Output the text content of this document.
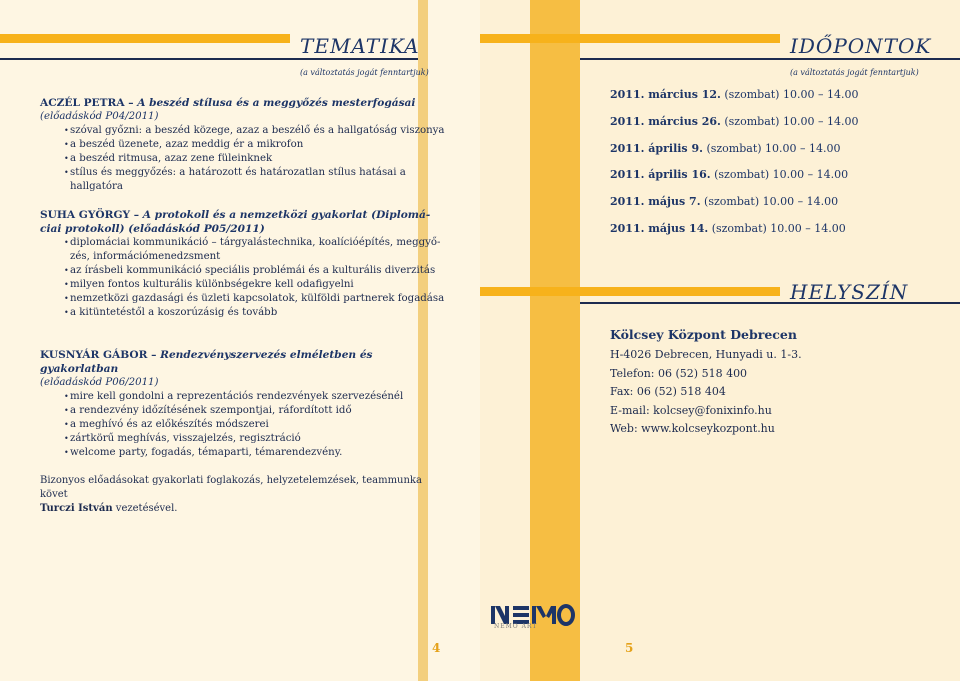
TEMATIKA
(a változtatás jogát fenntartjuk)
ACZÉL PETRA – A beszéd stílusa és a meggyőzés mesterfogásai
(előadáskód P04/2011)
• szóval győzni: a beszéd közege, azaz a beszélő és a hallgatóság viszonya
• a beszéd üzenete, azaz meddig ér a mikrofon
• a beszéd ritmusa, azaz zene füleinknek
• stílus és meggyőzés: a határozott és határozatlan stílus hatásai a hallgatóra
SUHA GYÖRGY – A protokoll és a nemzetközi gyakorlat (Diplomá- ciai protokoll) (előadáskód P05/2011)
• diplomáciai kommunikáció – tárgyalástechnika, koalícióépítés, meggyő- zés, információmenedzsment
• az írásbeli kommunikáció speciális problémái és a kulturális diverzitás
• milyen fontos kulturális különbségekre kell odafigyelni
• nemzetközi gazdasági és üzleti kapcsolatok, külföldi partnerek fogadása
• a kitüntetéstől a koszorúzásig és tovább
KUSNYÁR GÁBOR – Rendezvényszervezés elméletben és gyakorlatban
(előadáskód P06/2011)
• mire kell gondolni a reprezentációs rendezvények szervezésénél
• a rendezvény időzítésének szempontjai, ráfordított idő
• a meghívó és az előkészítés módszerei
• zártkörű meghívás, visszajelzés, regisztráció
• welcome party, fogadás, témaparti, témarendezvény.
Bizonyos előadásokat gyakorlati foglakozás, helyzetelemzések, teammunka követ
Turczi István vezetésével.
IDŐPONTOK
(a változtatás jogát fenntartjuk)
2011. március 12. (szombat) 10.00 – 14.00
2011. március 26. (szombat) 10.00 – 14.00
2011. április 9. (szombat) 10.00 – 14.00
2011. április 16. (szombat) 10.00 – 14.00
2011. május 7. (szombat) 10.00 – 14.00
2011. május 14. (szombat) 10.00 – 14.00
HELYSZÍN
Kölcsey Központ Debrecen
H-4026 Debrecen, Hunyadi u. 1-3.
Telefon: 06 (52) 518 400
Fax: 06 (52) 518 404
E-mail: kolcsey@fonixinfo.hu
Web: www.kolcseykozpont.hu
NEMO ART
4	5
